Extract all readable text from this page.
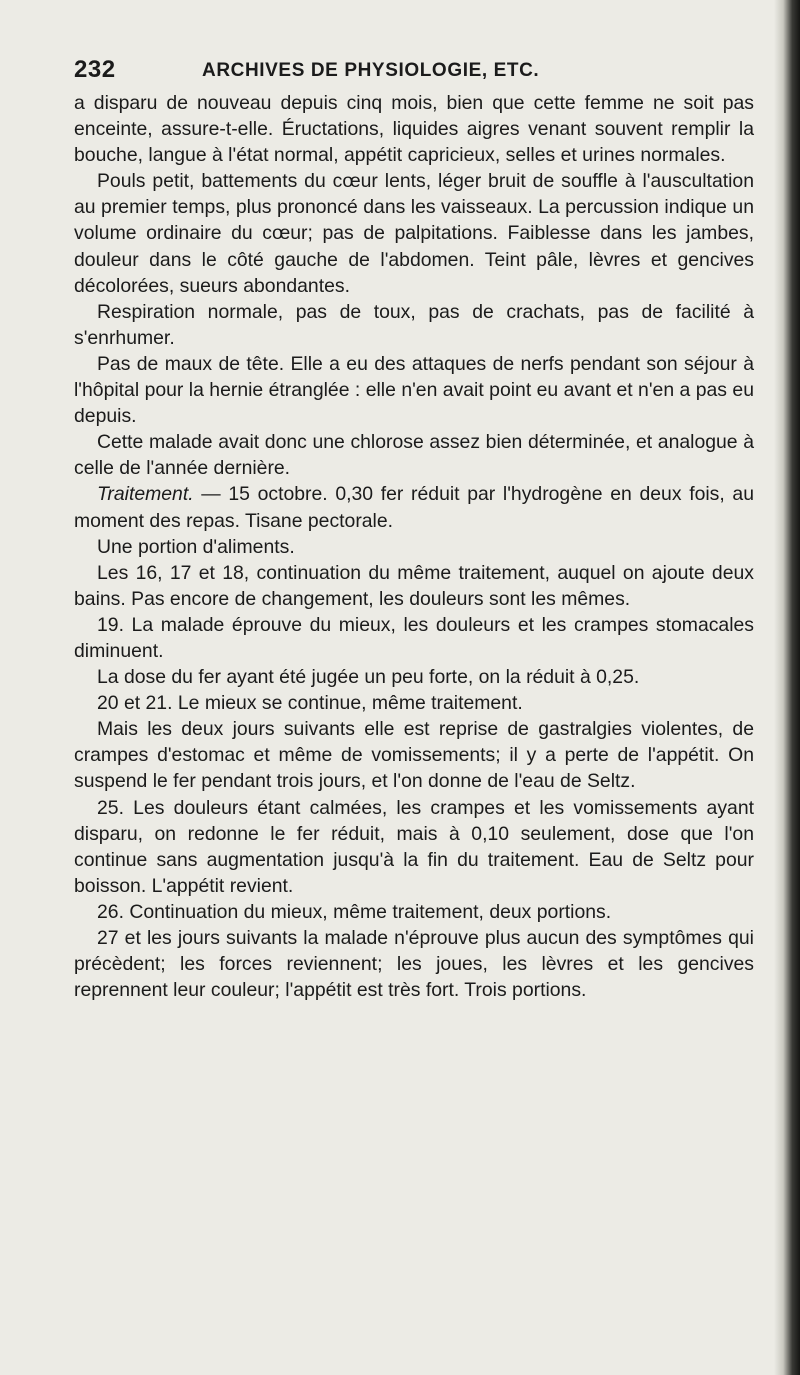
232	ARCHIVES DE PHYSIOLOGIE, ETC.

a disparu de nouveau depuis cinq mois, bien que cette femme ne soit pas enceinte, assure-t-elle. Éructations, liquides aigres venant souvent remplir la bouche, langue à l'état normal, appétit capricieux, selles et urines normales.

Pouls petit, battements du cœur lents, léger bruit de souffle à l'auscultation au premier temps, plus prononcé dans les vaisseaux. La percussion indique un volume ordinaire du cœur; pas de palpitations. Faiblesse dans les jambes, douleur dans le côté gauche de l'abdomen. Teint pâle, lèvres et gencives décolorées, sueurs abondantes.

Respiration normale, pas de toux, pas de crachats, pas de facilité à s'enrhumer.

Pas de maux de tête. Elle a eu des attaques de nerfs pendant son séjour à l'hôpital pour la hernie étranglée : elle n'en avait point eu avant et n'en a pas eu depuis.

Cette malade avait donc une chlorose assez bien déterminée, et analogue à celle de l'année dernière.

Traitement. — 15 octobre. 0,30 fer réduit par l'hydrogène en deux fois, au moment des repas. Tisane pectorale.

Une portion d'aliments.

Les 16, 17 et 18, continuation du même traitement, auquel on ajoute deux bains. Pas encore de changement, les douleurs sont les mêmes.

19. La malade éprouve du mieux, les douleurs et les crampes stomacales diminuent.

La dose du fer ayant été jugée un peu forte, on la réduit à 0,25.

20 et 21. Le mieux se continue, même traitement.

Mais les deux jours suivants elle est reprise de gastralgies violentes, de crampes d'estomac et même de vomissements; il y a perte de l'appétit. On suspend le fer pendant trois jours, et l'on donne de l'eau de Seltz.

25. Les douleurs étant calmées, les crampes et les vomissements ayant disparu, on redonne le fer réduit, mais à 0,10 seulement, dose que l'on continue sans augmentation jusqu'à la fin du traitement. Eau de Seltz pour boisson. L'appétit revient.

26. Continuation du mieux, même traitement, deux portions.

27 et les jours suivants la malade n'éprouve plus aucun des symptômes qui précèdent; les forces reviennent; les joues, les lèvres et les gencives reprennent leur couleur; l'appétit est très fort. Trois portions.
